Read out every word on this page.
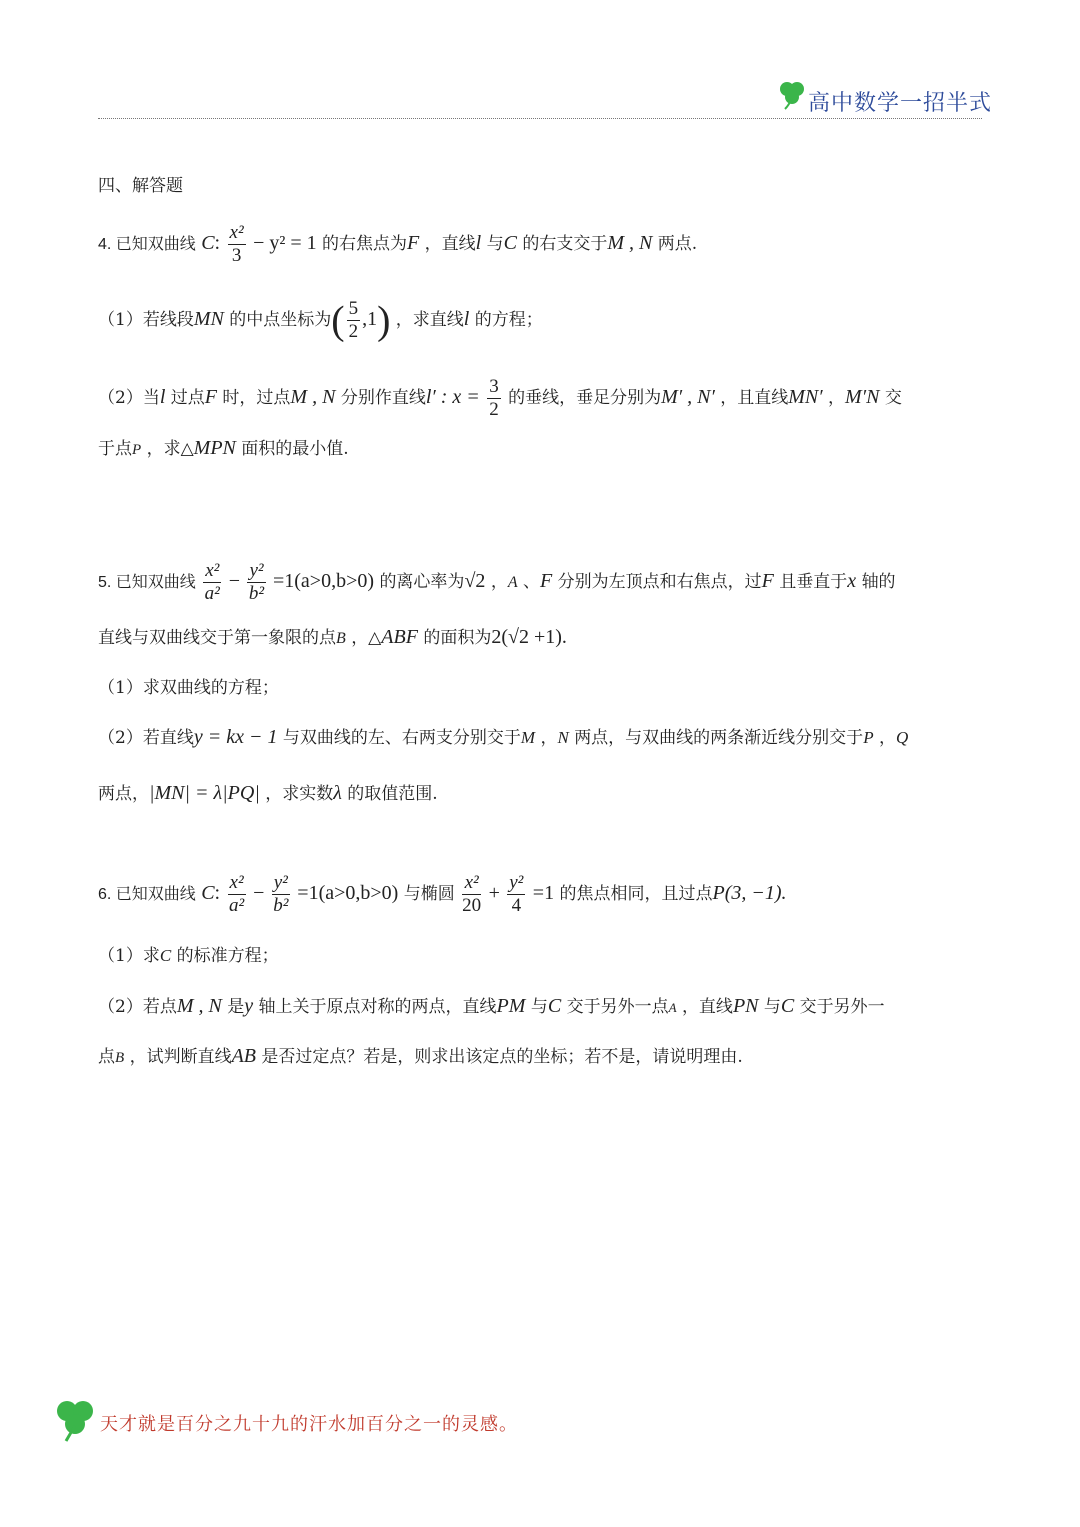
高中数学一招半式
四、解答题
4. 已知双曲线 C: $\frac{\text{x²}}{3} - y^2 = 1$ 的右焦点为F ，直线l 与C 的右支交于M , N 两点.
（1）若线段MN 的中点坐标为( $\frac{5}{2} ,1$) ，求直线l 的方程；
（2）当l 过点F 时，过点M , N 分别作直线l′ : $x = \frac{3}{2}$ 的垂线，垂足分别为M′ , N′ ，且直线MN′ ，M′N 交
于点P ，求△MPN 面积的最小值.
5. 已知双曲线 $\frac{\text{x²}}{\text{a²}} - \frac{\text{y²}}{\text{b²}} =1(a>0,b>0)$ 的离心率为√2 ，A 、F 分别为左顶点和右焦点，过F 且垂直于x 轴的
直线与双曲线交于第一象限的点B ，△ABF 的面积为2(√2 +1).
（1）求双曲线的方程；
（2）若直线y = kx − 1 与双曲线的左、右两支分别交于M ，N 两点，与双曲线的两条渐近线分别交于P ，Q
两点，|MN| = λ|PQ| ，求实数λ 的取值范围.
6. 已知双曲线 C: $\frac{\text{x²}}{\text{a²}} - \frac{\text{y²}}{\text{b²}} =1(a>0,b>0)$ 与椭圆 $\frac{\text{x²}}{20} + \frac{\text{y²}}{4} =1$ 的焦点相同，且过点P(3, −1).
（1）求C 的标准方程；
（2）若点M , N 是y 轴上关于原点对称的两点，直线PM 与C 交于另外一点A ，直线PN 与C 交于另外一
点B ，试判断直线AB 是否过定点？若是，则求出该定点的坐标；若不是，请说明理由.
天才就是百分之九十九的汗水加百分之一的灵感。
